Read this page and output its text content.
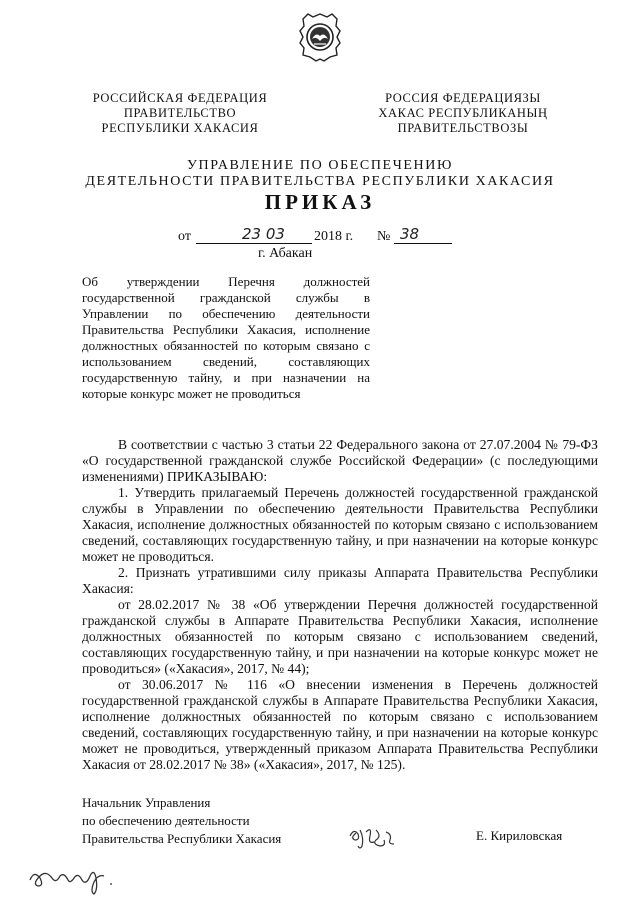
РОССИЙСКАЯ ФЕДЕРАЦИЯ
ПРАВИТЕЛЬСТВО
РЕСПУБЛИКИ ХАКАСИЯ
РОССИЯ ФЕДЕРАЦИЯЗЫ
ХАКАС РЕСПУБЛИКАНЫҢ
ПРАВИТЕЛЬСТВОЗЫ
УПРАВЛЕНИЕ ПО ОБЕСПЕЧЕНИЮ
ДЕЯТЕЛЬНОСТИ ПРАВИТЕЛЬСТВА РЕСПУБЛИКИ ХАКАСИЯ
ПРИКАЗ
от	23 03 2018 г. № 38
г. Абакан
Об утверждении Перечня должностей государственной гражданской службы в Управлении по обеспечению деятельности Правительства Республики Хакасия, исполнение должностных обязанностей по которым связано с использованием сведений, составляющих государственную тайну, и при назначении на которые конкурс может не проводиться

В соответствии с частью 3 статьи 22 Федерального закона от 27.07.2004 № 79-ФЗ «О государственной гражданской службе Российской Федерации» (с последующими изменениями) ПРИКАЗЫВАЮ:

1. Утвердить прилагаемый Перечень должностей государственной гражданской службы в Управлении по обеспечению деятельности Правительства Республики Хакасия, исполнение должностных обязанностей по которым связано с использованием сведений, составляющих государственную тайну, и при назначении на которые конкурс может не проводиться.

2. Признать утратившими силу приказы Аппарата Правительства Республики Хакасия:

от 28.02.2017 № 38 «Об утверждении Перечня должностей государственной гражданской службы в Аппарате Правительства Республики Хакасия, исполнение должностных обязанностей по которым связано с использованием сведений, составляющих государственную тайну, и при назначении на которые конкурс может не проводиться» («Хакасия», 2017, № 44);

от 30.06.2017 № 116 «О внесении изменения в Перечень должностей государственной гражданской службы в Аппарате Правительства Республики Хакасия, исполнение должностных обязанностей по которым связано с использованием сведений, составляющих государственную тайну, и при назначении на которые конкурс может не проводиться, утвержденный приказом Аппарата Правительства Республики Хакасия от 28.02.2017 № 38» («Хакасия», 2017, № 125).

Начальник Управления
по обеспечению деятельности
Правительства Республики Хакасия	Е. Кириловская
